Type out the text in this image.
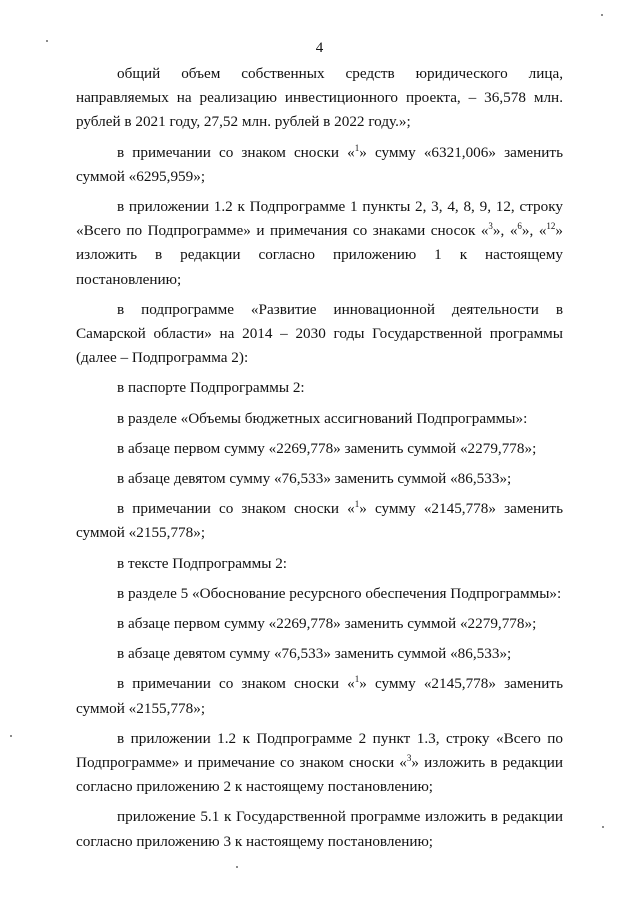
4

общий объем собственных средств юридического лица, направляемых на реализацию инвестиционного проекта, – 36,578 млн. рублей в 2021 году, 27,52 млн. рублей в 2022 году.»;

в примечании со знаком сноски «$^1$» сумму «6321,006» заменить суммой «6295,959»;

в приложении 1.2 к Подпрограмме 1 пункты 2, 3, 4, 8, 9, 12, строку «Всего по Подпрограмме» и примечания со знаками сносок «$^3$», «$^6$», «$^{12}$» изложить в редакции согласно приложению 1 к настоящему постановлению;

в подпрограмме «Развитие инновационной деятельности в Самарской области» на 2014 – 2030 годы Государственной программы (далее – Подпрограмма 2):

в паспорте Подпрограммы 2:

в разделе «Объемы бюджетных ассигнований Подпрограммы»:

в абзаце первом сумму «2269,778» заменить суммой «2279,778»;

в абзаце девятом сумму «76,533» заменить суммой «86,533»;

в примечании со знаком сноски «$^1$» сумму «2145,778» заменить суммой «2155,778»;

в тексте Подпрограммы 2:

в разделе 5 «Обоснование ресурсного обеспечения Подпрограммы»:

в абзаце первом сумму «2269,778» заменить суммой «2279,778»;

в абзаце девятом сумму «76,533» заменить суммой «86,533»;

в примечании со знаком сноски «$^1$» сумму «2145,778» заменить суммой «2155,778»;

в приложении 1.2 к Подпрограмме 2 пункт 1.3, строку «Всего по Подпрограмме» и примечание со знаком сноски «$^3$» изложить в редакции согласно приложению 2 к настоящему постановлению;

приложение 5.1 к Государственной программе изложить в редакции согласно приложению 3 к настоящему постановлению;
